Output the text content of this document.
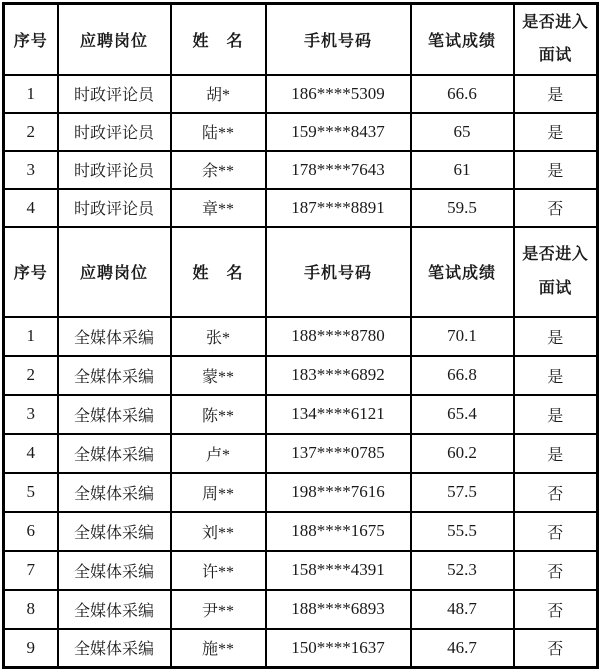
序号	应聘岗位	姓　名	手机号码	笔试成绩	是否进入
面试

1	时政评论员	胡*	186****5309	66.6	是
2	时政评论员	陆**	159****8437	65	是
3	时政评论员	余**	178****7643	61	是
4	时政评论员	章**	187****8891	59.5	否
序号	应聘岗位	姓　名	手机号码	笔试成绩	是否进入
面试

1	全媒体采编	张*	188****8780	70.1	是
2	全媒体采编	蒙**	183****6892	66.8	是
3	全媒体采编	陈**	134****6121	65.4	是
4	全媒体采编	卢*	137****0785	60.2	是
5	全媒体采编	周**	198****7616	57.5	否
6	全媒体采编	刘**	188****1675	55.5	否
7	全媒体采编	许**	158****4391	52.3	否
8	全媒体采编	尹**	188****6893	48.7	否
9	全媒体采编	施**	150****1637	46.7	否
